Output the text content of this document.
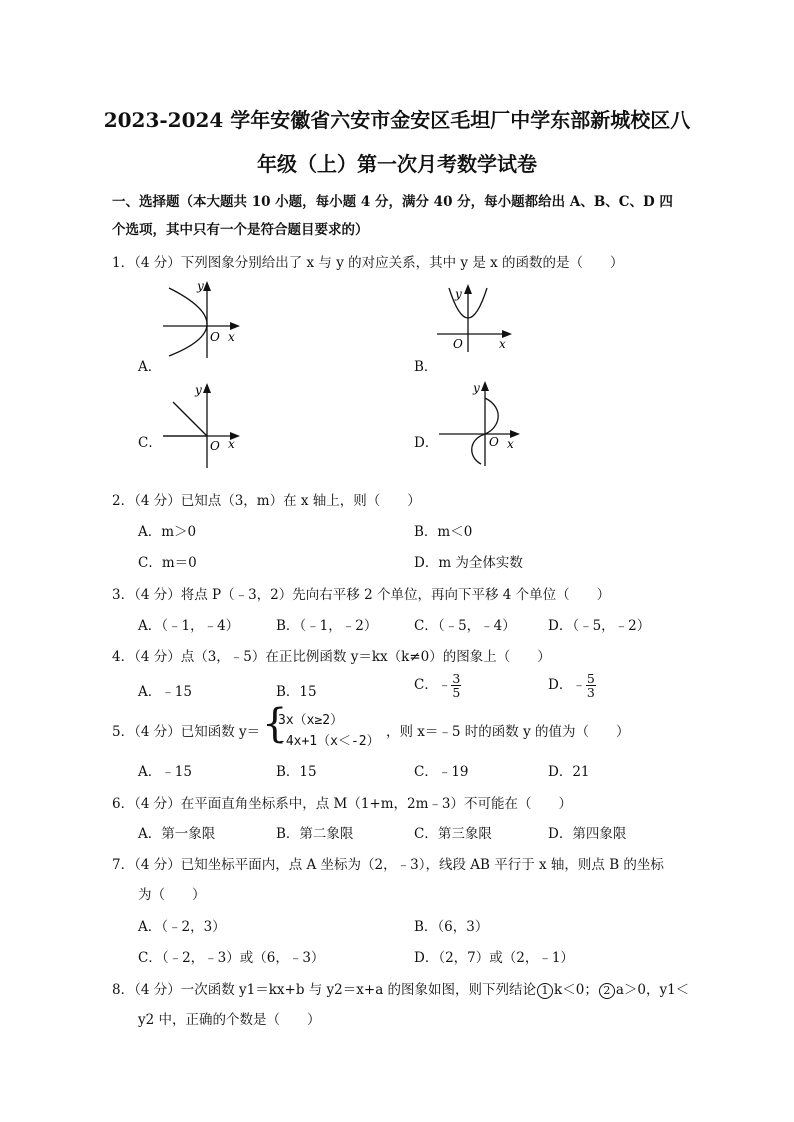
2023-2024 学年安徽省六安市金安区毛坦厂中学东部新城校区八
年级（上）第一次月考数学试卷
一、选择题（本大题共 10 小题，每小题 4 分，满分 40 分，每小题都给出 A、B、C、D 四
个选项，其中只有一个是符合题目要求的）
1．（4 分）下列图象分别给出了 x 与 y 的对应关系，其中 y 是 x 的函数的是（　　）
y
O x
A．
y
O	x
B．
y
O x
C．
y
O x
D．
2．（4 分）已知点（3，m）在 x 轴上，则（　　）
A．m＞0	B．m＜0
C．m＝0	D．m 为全体实数
3．（4 分）将点 P（﹣3，2）先向右平移 2 个单位，再向下平移 4 个单位（　　）
A．（﹣1，﹣4）	B．（﹣1，﹣2）	C．（﹣5，﹣4） D．（﹣5，﹣2）
4．（4 分）点（3，﹣5）在正比例函数 y＝kx（k≠0）的图象上（　　）
A．﹣15	B．15	C．﹣ $\frac{3}{5}$	D．﹣ $\frac{5}{3}$
5．（4 分）已知函数 y＝ {
3x（x≥2）
-4x+1（x＜-2）
，则 x＝﹣5 时的函数 y 的值为（　　）
A．﹣15	B．15	C．﹣19	D．21
6．（4 分）在平面直角坐标系中，点 M（1+m，2m﹣3）不可能在（　　）
A．第一象限	B．第二象限	C．第三象限	D．第四象限
7．（4 分）已知坐标平面内，点 A 坐标为（2，﹣3），线段 AB 平行于 x 轴，则点 B 的坐标
为（　　）
A．（﹣2，3）	B．（6，3）
C．（﹣2，﹣3）或（6，﹣3）	D．（2，7）或（2，﹣1）
8．（4 分）一次函数 y1＝kx+b 与 y2＝x+a 的图象如图，则下列结论 1 k＜0； 2 a＞0，y1＜
y2 中，正确的个数是（　　）
